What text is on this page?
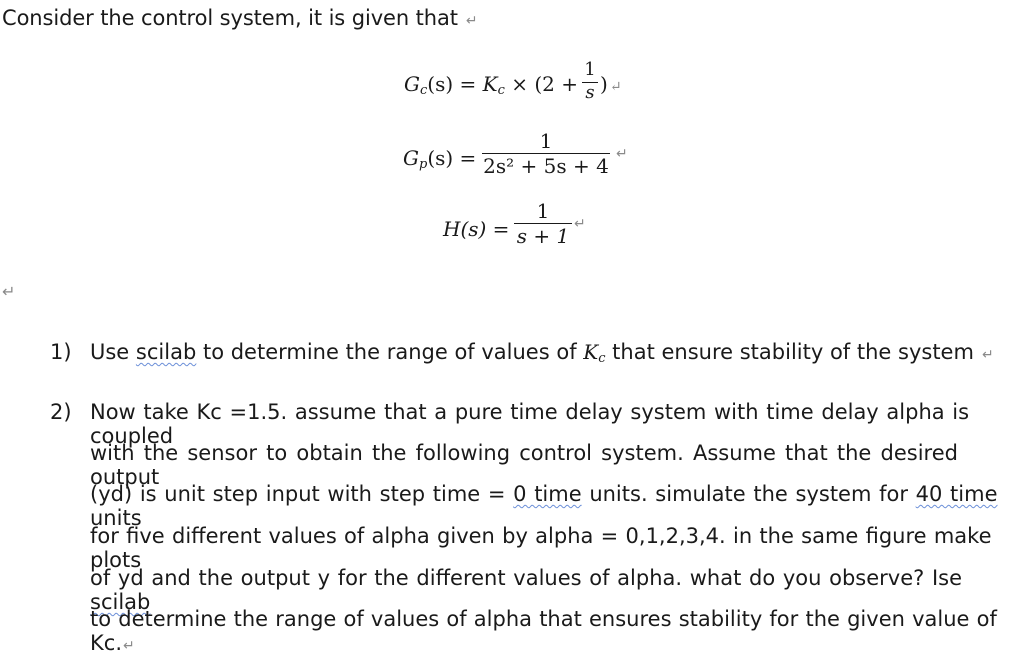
Consider the control system, it is given that ↵
$G_c(s) = K_c \times (2$ +
1
s ) ↵
$G_p(s)$ =
1
2s² + 5s + 4 ↵
H(s) =
1
s + 1 ↵
↵
1) Use scilab to determine the range of values of $K_c$ that ensure stability of the system ↵
2) Now take Kc =1.5. assume that a pure time delay system with time delay alpha is coupled
with the sensor to obtain the following control system. Assume that the desired output
(yd) is unit step input with step time = 0 time units. simulate the system for 40 time units
for five different values of alpha given by alpha = 0,1,2,3,4. in the same figure make plots
of yd and the output y for the different values of alpha. what do you observe? Ise scilab
to determine the range of values of alpha that ensures stability for the given value of Kc.↵
